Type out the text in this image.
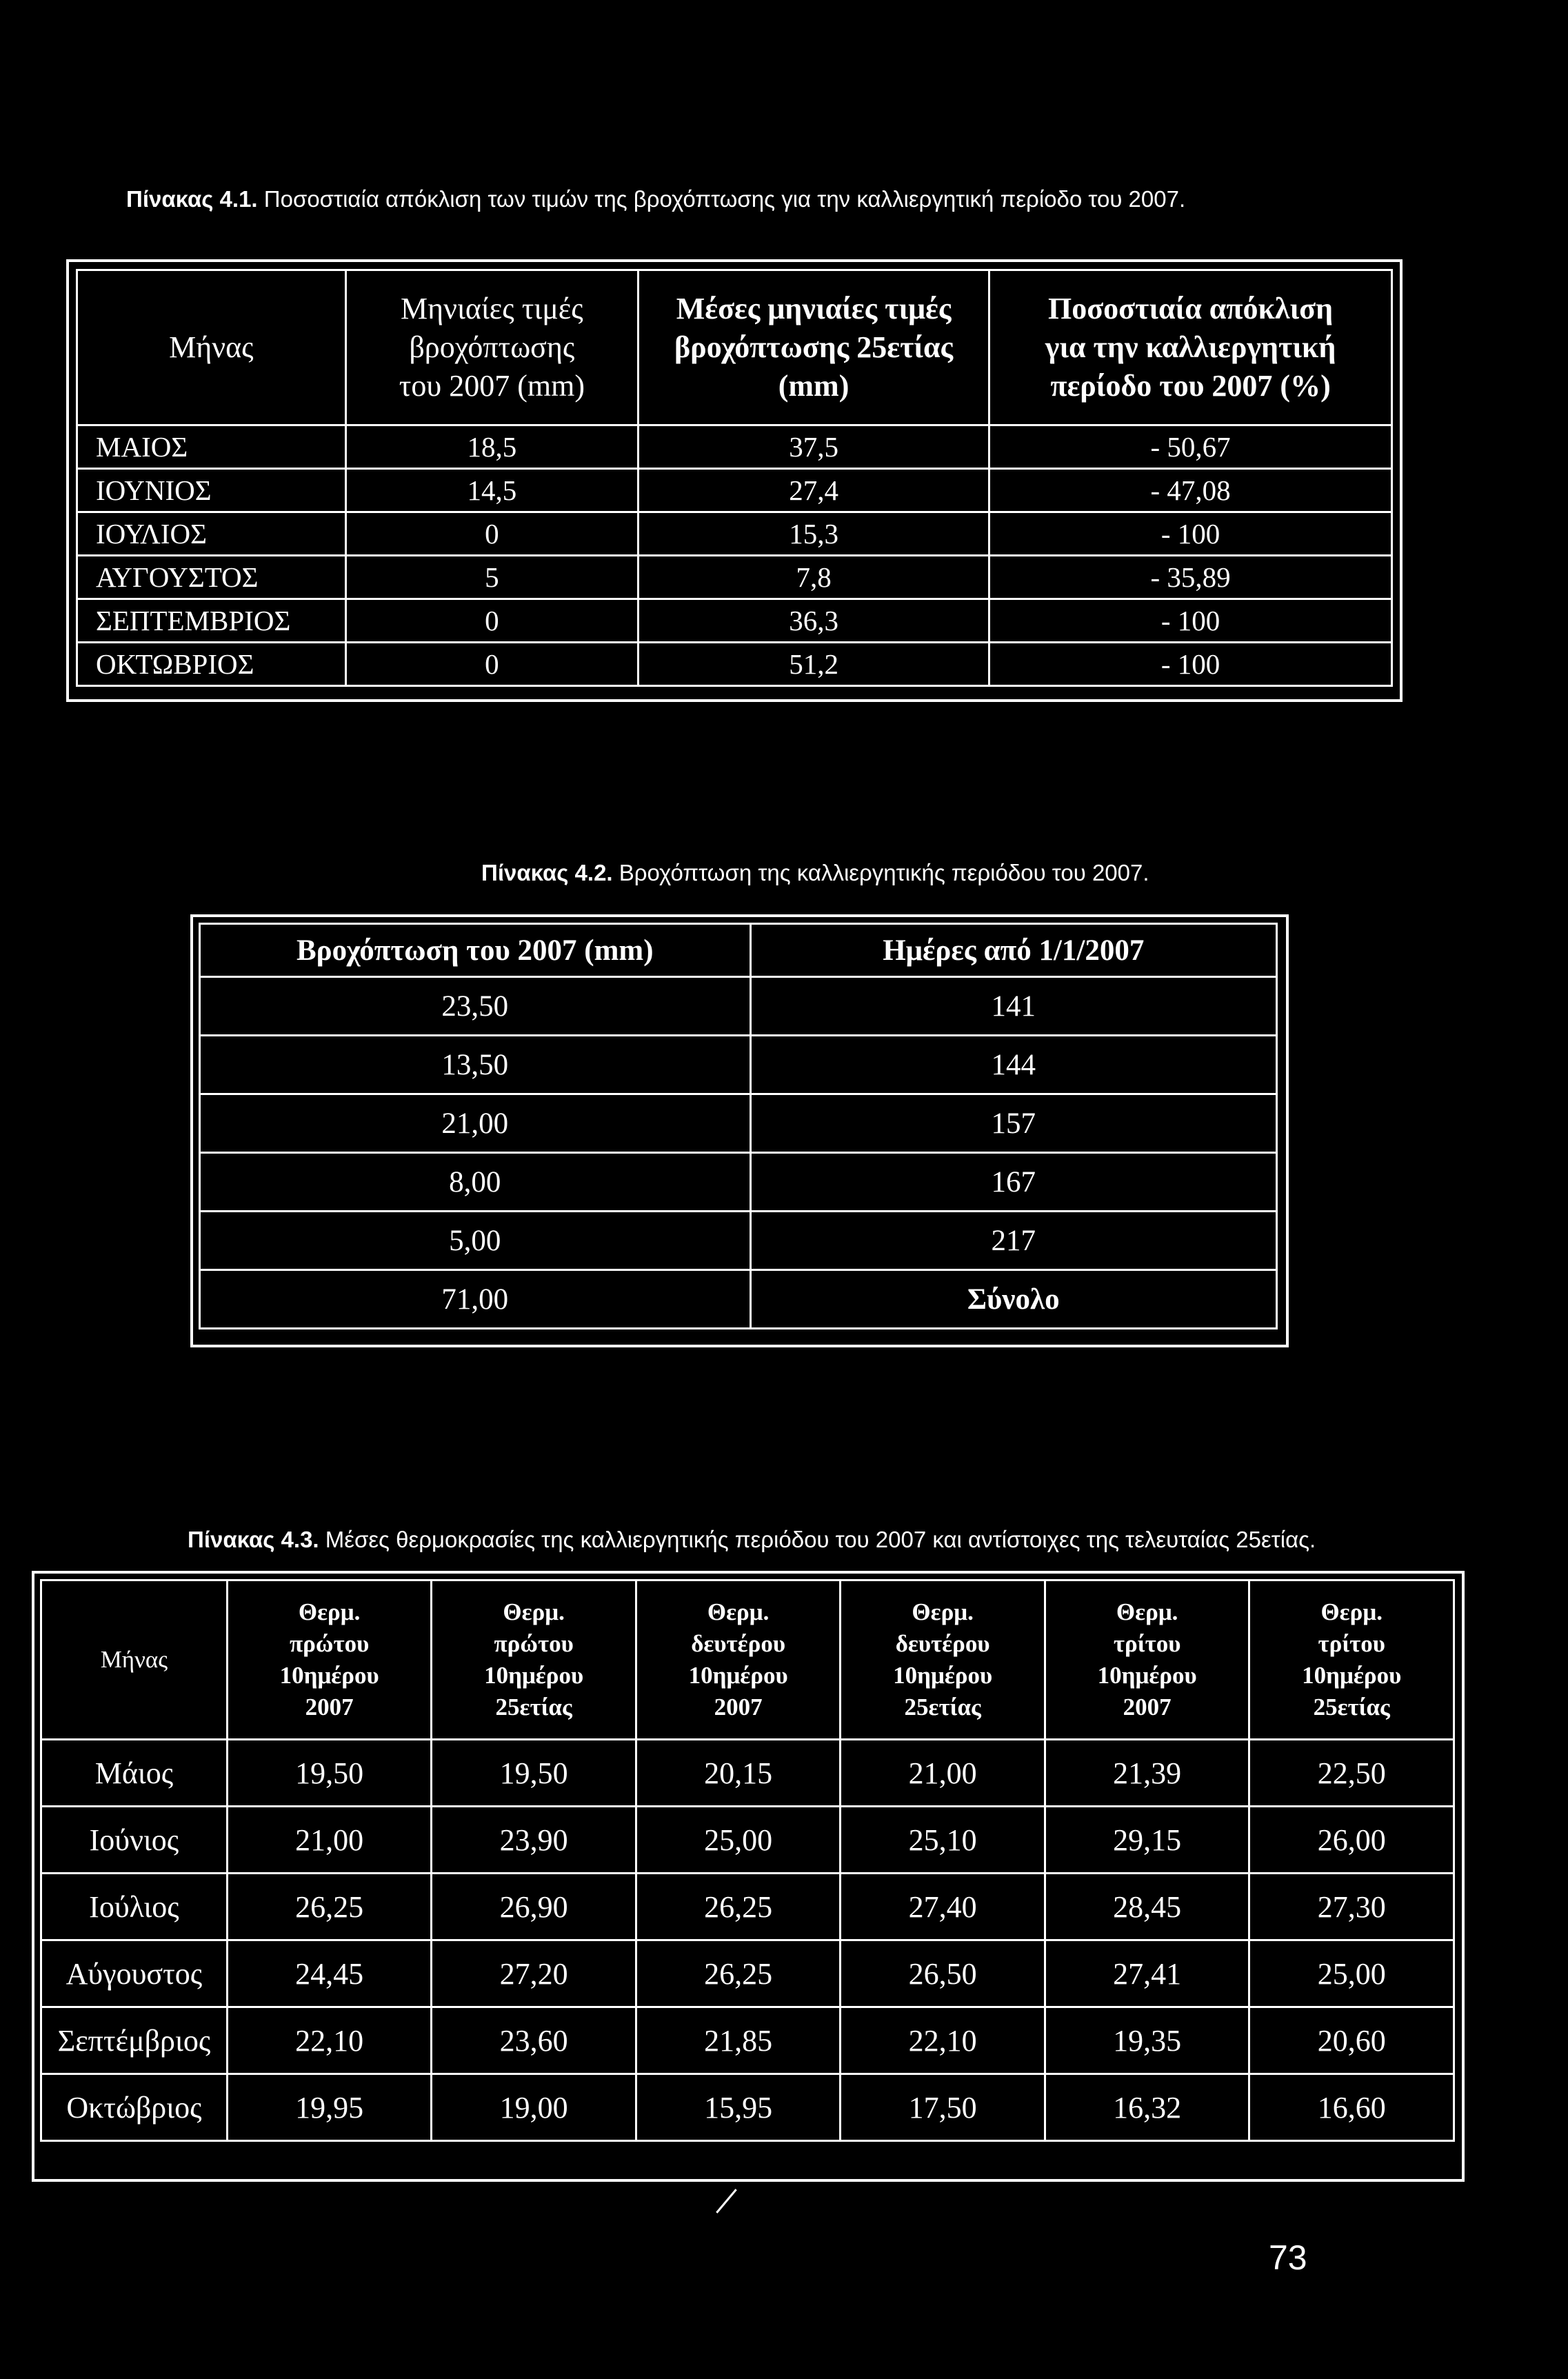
Πίνακας 4.1. Ποσοστιαία απόκλιση των τιμών της βροχόπτωσης για την καλλιεργητική περίοδο του 2007.
Μήνας	Μηνιαίες τιμές
βροχόπτωσης
του 2007 (mm)	Μέσες μηνιαίες τιμές
βροχόπτωσης 25ετίας
(mm)	Ποσοστιαία απόκλιση
για την καλλιεργητική
περίοδο του 2007 (%)
ΜΑΙΟΣ	18,5	37,5	- 50,67
ΙΟΥΝΙΟΣ	14,5	27,4	- 47,08
ΙΟΥΛΙΟΣ	0	15,3	- 100
ΑΥΓΟΥΣΤΟΣ	5	7,8	- 35,89
ΣΕΠΤΕΜΒΡΙΟΣ	0	36,3	- 100
ΟΚΤΩΒΡΙΟΣ	0	51,2	- 100
Πίνακας 4.2. Βροχόπτωση της καλλιεργητικής περιόδου του 2007.
Βροχόπτωση του 2007 (mm)	Ημέρες από 1/1/2007
23,50	141
13,50	144
21,00	157
8,00	167
5,00	217
71,00	Σύνολο
Πίνακας 4.3. Μέσες θερμοκρασίες της καλλιεργητικής περιόδου του 2007 και αντίστοιχες της τελευταίας 25ετίας.
Μήνας	Θερμ.
πρώτου
10ημέρου
2007	Θερμ.
πρώτου
10ημέρου
25ετίας	Θερμ.
δευτέρου
10ημέρου
2007	Θερμ.
δευτέρου
10ημέρου
25ετίας	Θερμ.
τρίτου
10ημέρου
2007	Θερμ.
τρίτου
10ημέρου
25ετίας
Μάιος	19,50	19,50	20,15	21,00	21,39	22,50
Ιούνιος	21,00	23,90	25,00	25,10	29,15	26,00
Ιούλιος	26,25	26,90	26,25	27,40	28,45	27,30
Αύγουστος	24,45	27,20	26,25	26,50	27,41	25,00
Σεπτέμβριος	22,10	23,60	21,85	22,10	19,35	20,60
Οκτώβριος	19,95	19,00	15,95	17,50	16,32	16,60
73
